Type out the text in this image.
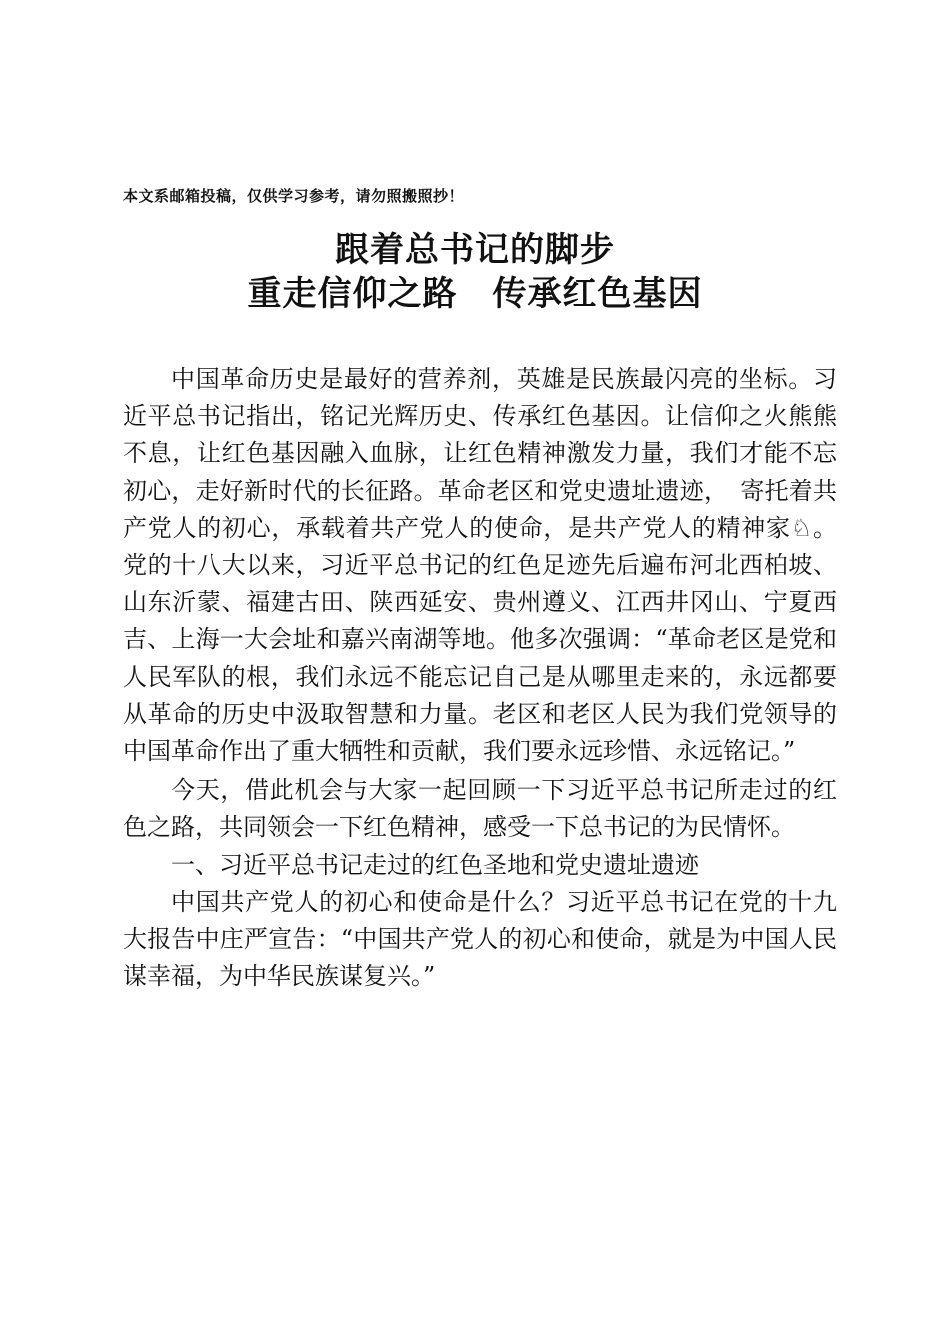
本文系邮箱投稿，仅供学习参考，请勿照搬照抄！
跟着总书记的脚步
重走信仰之路　传承红色基因

中国革命历史是最好的营养剂，英雄是民族最闪亮的坐标。习近平总书记指出，铭记光辉历史、传承红色基因。让信仰之火熊熊不息，让红色基因融入血脉，让红色精神激发力量，我们才能不忘初心，走好新时代的长征路。革命老区和党史遗址遗迹，　寄托着共产党人的初心，承载着共产党人的使命，是共产党人的精神家♘。党的十八大以来，习近平总书记的红色足迹先后遍布河北西柏坡、山东沂蒙、福建古田、陕西延安、贵州遵义、江西井冈山、宁夏西吉、上海一大会址和嘉兴南湖等地。他多次强调：“革命老区是党和人民军队的根，我们永远不能忘记自己是从哪里走来的，永远都要从革命的历史中汲取智慧和力量。老区和老区人民为我们党领导的中国革命作出了重大牺牲和贡献，我们要永远珍惜、永远铭记。”

今天，借此机会与大家一起回顾一下习近平总书记所走过的红色之路，共同领会一下红色精神，感受一下总书记的为民情怀。

一、习近平总书记走过的红色圣地和党史遗址遗迹

中国共产党人的初心和使命是什么？习近平总书记在党的十九大报告中庄严宣告：“中国共产党人的初心和使命，就是为中国人民谋幸福，为中华民族谋复兴。”
